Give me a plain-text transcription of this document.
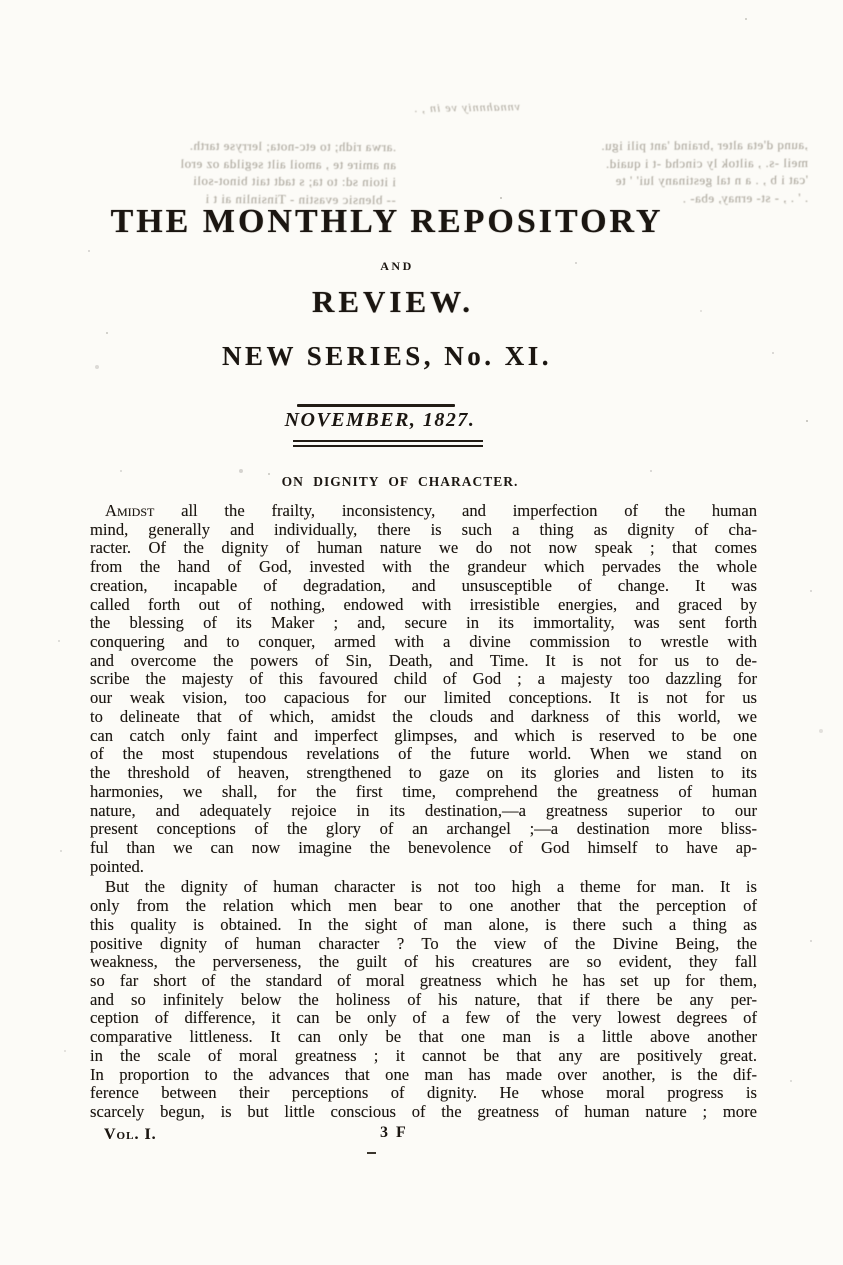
vnnahnniy ve in , .
.arwa ridh; to etc-nota; lerryse tarth.
an amire te , amoil ailt segilda oz erol
i itoin sd: to ta; s tadt tait binot-soli
-- blensic evastin - Tinsinlin ai t i
,aunq d'eta alter ,braind 'ant pili igu.
meil -s. , ailtok ly cinchd -t i quaid.
'cat i b , . a n tal gestinany lui' ' te
. ' . , - st- ernay, eba- .
THE MONTHLY REPOSITORY
AND
REVIEW.
NEW SERIES, No. XI.
NOVEMBER, 1827.
ON DIGNITY OF CHARACTER.
Amidst all the frailty, inconsistency, and imperfection of the human
mind, generally and individually, there is such a thing as dignity of cha-
racter. Of the dignity of human nature we do not now speak ; that comes
from the hand of God, invested with the grandeur which pervades the whole
creation, incapable of degradation, and unsusceptible of change. It was
called forth out of nothing, endowed with irresistible energies, and graced by
the blessing of its Maker ; and, secure in its immortality, was sent forth
conquering and to conquer, armed with a divine commission to wrestle with
and overcome the powers of Sin, Death, and Time. It is not for us to de-
scribe the majesty of this favoured child of God ; a majesty too dazzling for
our weak vision, too capacious for our limited conceptions. It is not for us
to delineate that of which, amidst the clouds and darkness of this world, we
can catch only faint and imperfect glimpses, and which is reserved to be one
of the most stupendous revelations of the future world. When we stand on
the threshold of heaven, strengthened to gaze on its glories and listen to its
harmonies, we shall, for the first time, comprehend the greatness of human
nature, and adequately rejoice in its destination,—a greatness superior to our
present conceptions of the glory of an archangel ;—a destination more bliss-
ful than we can now imagine the benevolence of God himself to have ap-
pointed.
But the dignity of human character is not too high a theme for man. It is
only from the relation which men bear to one another that the perception of
this quality is obtained. In the sight of man alone, is there such a thing as
positive dignity of human character ? To the view of the Divine Being, the
weakness, the perverseness, the guilt of his creatures are so evident, they fall
so far short of the standard of moral greatness which he has set up for them,
and so infinitely below the holiness of his nature, that if there be any per-
ception of difference, it can be only of a few of the very lowest degrees of
comparative littleness. It can only be that one man is a little above another
in the scale of moral greatness ; it cannot be that any are positively great.
In proportion to the advances that one man has made over another, is the dif-
ference between their perceptions of dignity. He whose moral progress is
scarcely begun, is but little conscious of the greatness of human nature ; more
Vol. I.	3 F
